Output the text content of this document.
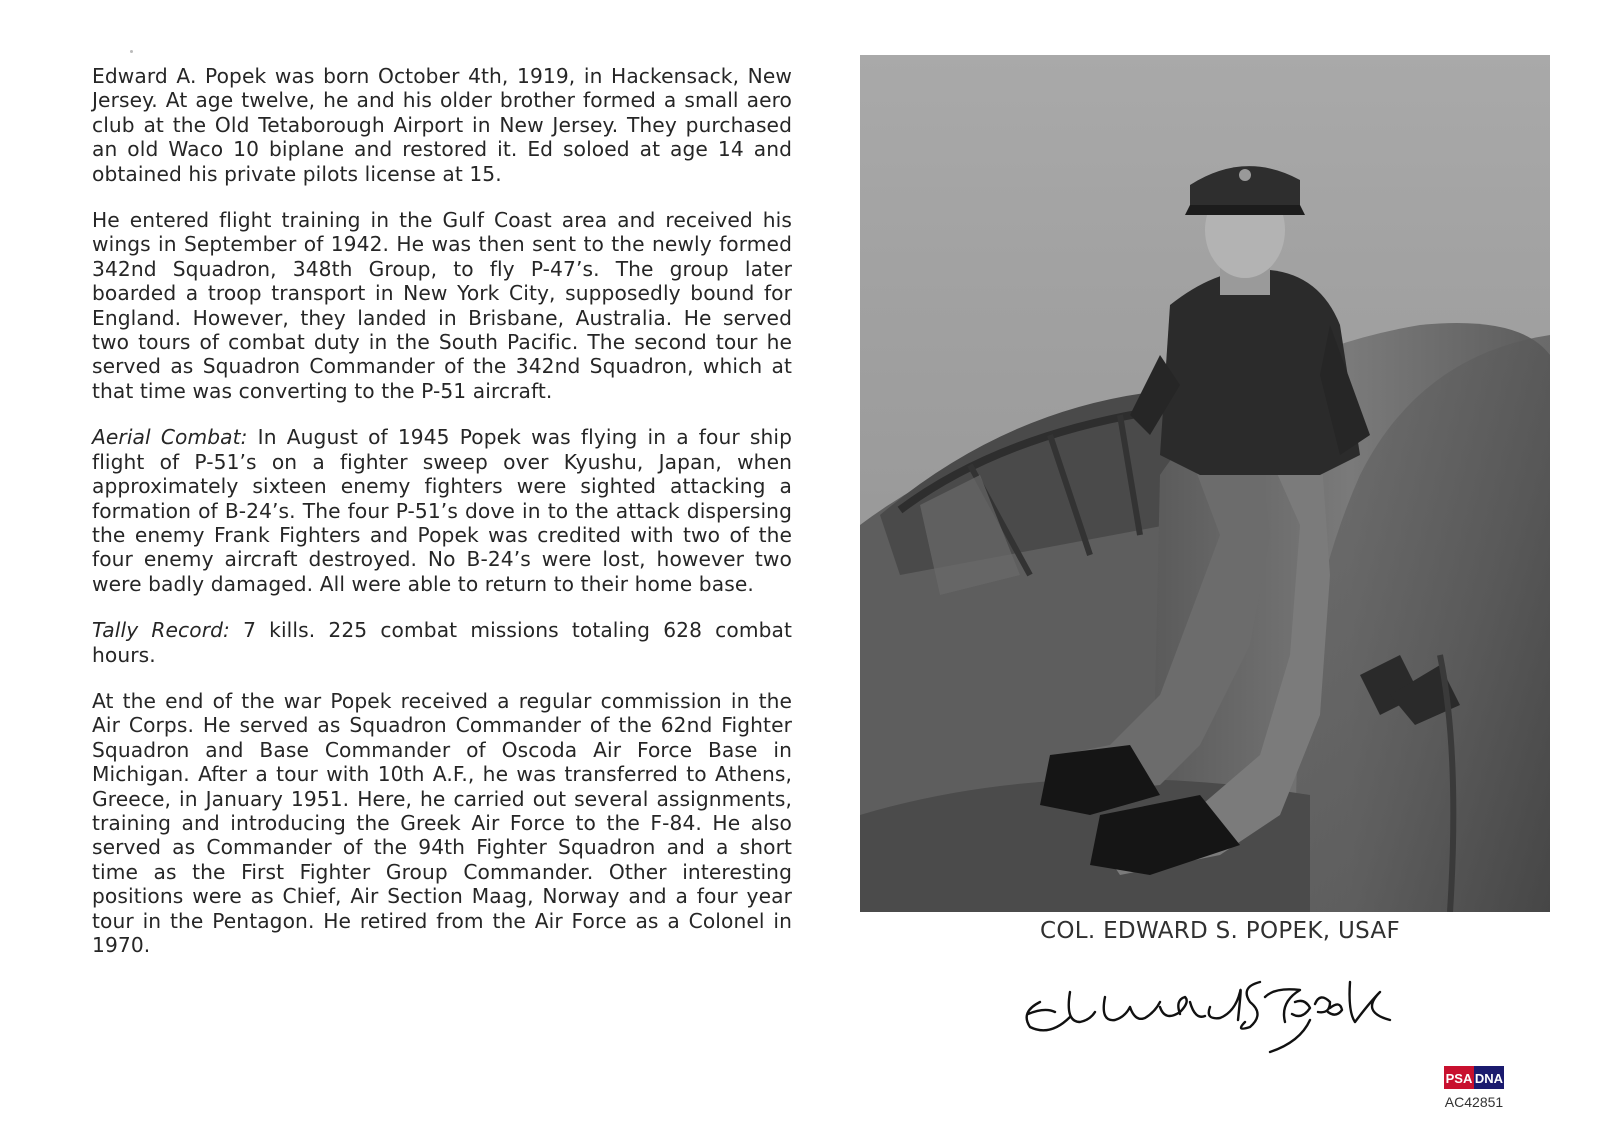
Edward A. Popek was born October 4th, 1919, in Hackensack, New Jersey. At age twelve, he and his older brother formed a small aero club at the Old Tetaborough Airport in New Jersey. They purchased an old Waco 10 biplane and restored it. Ed soloed at age 14 and obtained his private pilots license at 15.

He entered flight training in the Gulf Coast area and received his wings in September of 1942. He was then sent to the newly formed 342nd Squadron, 348th Group, to fly P-47’s. The group later boarded a troop transport in New York City, supposedly bound for England. However, they landed in Brisbane, Australia. He served two tours of combat duty in the South Pacific. The second tour he served as Squadron Commander of the 342nd Squadron, which at that time was converting to the P-51 aircraft.

Aerial Combat: In August of 1945 Popek was flying in a four ship flight of P-51’s on a fighter sweep over Kyushu, Japan, when approximately sixteen enemy fighters were sighted attacking a formation of B-24’s. The four P-51’s dove in to the attack dispersing the enemy Frank Fighters and Popek was credited with two of the four enemy aircraft destroyed. No B-24’s were lost, however two were badly damaged. All were able to return to their home base.

Tally Record: 7 kills. 225 combat missions totaling 628 combat hours.

At the end of the war Popek received a regular commission in the Air Corps. He served as Squadron Commander of the 62nd Fighter Squadron and Base Commander of Oscoda Air Force Base in Michigan. After a tour with 10th A.F., he was transferred to Athens, Greece, in January 1951. Here, he carried out several assignments, training and introducing the Greek Air Force to the F-84. He also served as Commander of the 94th Fighter Squadron and a short time as the First Fighter Group Commander. Other interesting positions were as Chief, Air Section Maag, Norway and a four year tour in the Pentagon. He retired from the Air Force as a Colonel in 1970.

COL. EDWARD S. POPEK, USAF
PSA DNA
AC42851
